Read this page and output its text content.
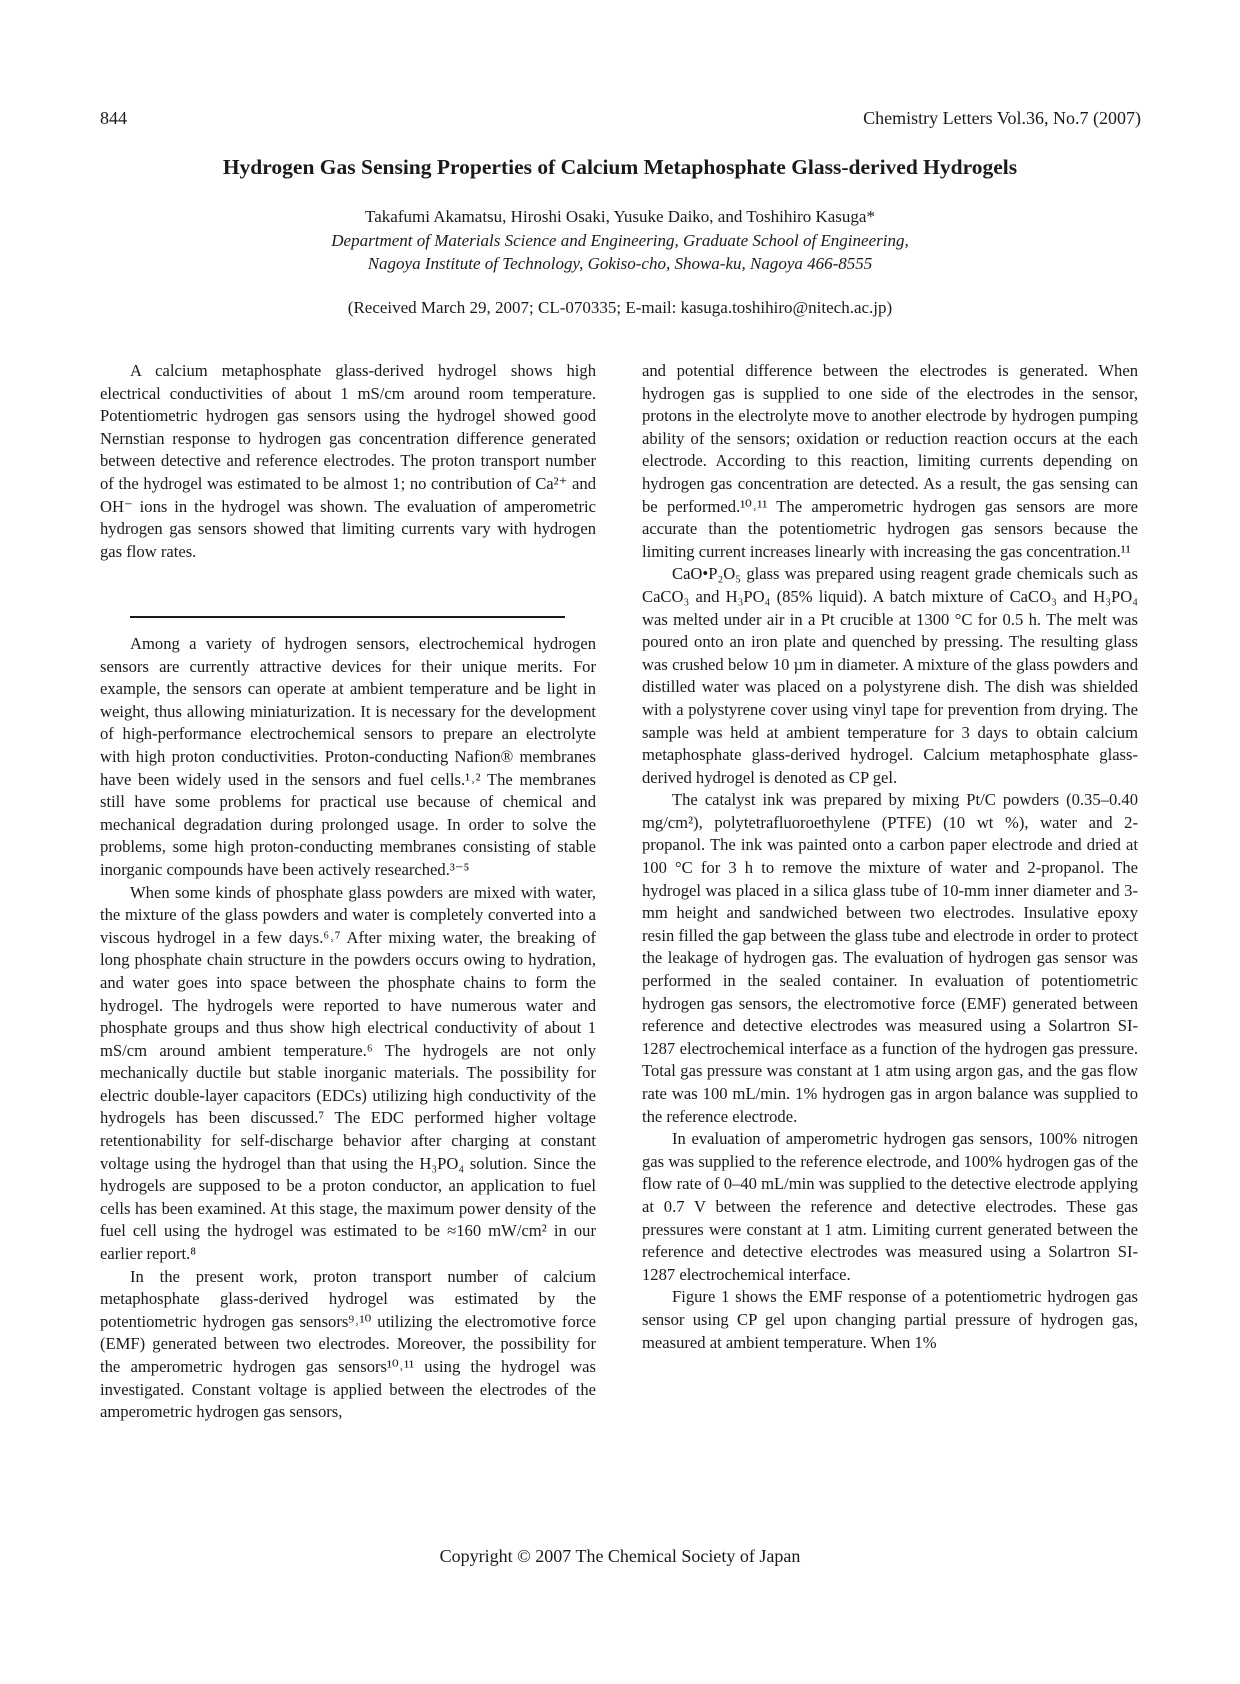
844	Chemistry Letters Vol.36, No.7 (2007)
Hydrogen Gas Sensing Properties of Calcium Metaphosphate Glass-derived Hydrogels
Takafumi Akamatsu, Hiroshi Osaki, Yusuke Daiko, and Toshihiro Kasuga*
Department of Materials Science and Engineering, Graduate School of Engineering,
Nagoya Institute of Technology, Gokiso-cho, Showa-ku, Nagoya 466-8555
(Received March 29, 2007; CL-070335; E-mail: kasuga.toshihiro@nitech.ac.jp)

A calcium metaphosphate glass-derived hydrogel shows high electrical conductivities of about 1 mS/cm around room temperature. Potentiometric hydrogen gas sensors using the hydrogel showed good Nernstian response to hydrogen gas concentration difference generated between detective and reference electrodes. The proton transport number of the hydrogel was estimated to be almost 1; no contribution of Ca²⁺ and OH⁻ ions in the hydrogel was shown. The evaluation of amperometric hydrogen gas sensors showed that limiting currents vary with hydrogen gas flow rates.

Among a variety of hydrogen sensors, electrochemical hydrogen sensors are currently attractive devices for their unique merits. For example, the sensors can operate at ambient temperature and be light in weight, thus allowing miniaturization. It is necessary for the development of high-performance electrochemical sensors to prepare an electrolyte with high proton conductivities. Proton-conducting Nafion® membranes have been widely used in the sensors and fuel cells.¹˒² The membranes still have some problems for practical use because of chemical and mechanical degradation during prolonged usage. In order to solve the problems, some high proton-conducting membranes consisting of stable inorganic compounds have been actively researched.³⁻⁵

When some kinds of phosphate glass powders are mixed with water, the mixture of the glass powders and water is completely converted into a viscous hydrogel in a few days.⁶˒⁷ After mixing water, the breaking of long phosphate chain structure in the powders occurs owing to hydration, and water goes into space between the phosphate chains to form the hydrogel. The hydrogels were reported to have numerous water and phosphate groups and thus show high electrical conductivity of about 1 mS/cm around ambient temperature.⁶ The hydrogels are not only mechanically ductile but stable inorganic materials. The possibility for electric double-layer capacitors (EDCs) utilizing high conductivity of the hydrogels has been discussed.⁷ The EDC performed higher voltage retentionability for self-discharge behavior after charging at constant voltage using the hydrogel than that using the H₃PO₄ solution. Since the hydrogels are supposed to be a proton conductor, an application to fuel cells has been examined. At this stage, the maximum power density of the fuel cell using the hydrogel was estimated to be ≈160 mW/cm² in our earlier report.⁸

In the present work, proton transport number of calcium metaphosphate glass-derived hydrogel was estimated by the potentiometric hydrogen gas sensors⁹˒¹⁰ utilizing the electromotive force (EMF) generated between two electrodes. Moreover, the possibility for the amperometric hydrogen gas sensors¹⁰˒¹¹ using the hydrogel was investigated. Constant voltage is applied between the electrodes of the amperometric hydrogen gas sensors,

and potential difference between the electrodes is generated. When hydrogen gas is supplied to one side of the electrodes in the sensor, protons in the electrolyte move to another electrode by hydrogen pumping ability of the sensors; oxidation or reduction reaction occurs at the each electrode. According to this reaction, limiting currents depending on hydrogen gas concentration are detected. As a result, the gas sensing can be performed.¹⁰˒¹¹ The amperometric hydrogen gas sensors are more accurate than the potentiometric hydrogen gas sensors because the limiting current increases linearly with increasing the gas concentration.¹¹

CaO•P₂O₅ glass was prepared using reagent grade chemicals such as CaCO₃ and H₃PO₄ (85% liquid). A batch mixture of CaCO₃ and H₃PO₄ was melted under air in a Pt crucible at 1300 °C for 0.5 h. The melt was poured onto an iron plate and quenched by pressing. The resulting glass was crushed below 10 µm in diameter. A mixture of the glass powders and distilled water was placed on a polystyrene dish. The dish was shielded with a polystyrene cover using vinyl tape for prevention from drying. The sample was held at ambient temperature for 3 days to obtain calcium metaphosphate glass-derived hydrogel. Calcium metaphosphate glass-derived hydrogel is denoted as CP gel.

The catalyst ink was prepared by mixing Pt/C powders (0.35–0.40 mg/cm²), polytetrafluoroethylene (PTFE) (10 wt %), water and 2-propanol. The ink was painted onto a carbon paper electrode and dried at 100 °C for 3 h to remove the mixture of water and 2-propanol. The hydrogel was placed in a silica glass tube of 10-mm inner diameter and 3-mm height and sandwiched between two electrodes. Insulative epoxy resin filled the gap between the glass tube and electrode in order to protect the leakage of hydrogen gas. The evaluation of hydrogen gas sensor was performed in the sealed container. In evaluation of potentiometric hydrogen gas sensors, the electromotive force (EMF) generated between reference and detective electrodes was measured using a Solartron SI-1287 electrochemical interface as a function of the hydrogen gas pressure. Total gas pressure was constant at 1 atm using argon gas, and the gas flow rate was 100 mL/min. 1% hydrogen gas in argon balance was supplied to the reference electrode.

In evaluation of amperometric hydrogen gas sensors, 100% nitrogen gas was supplied to the reference electrode, and 100% hydrogen gas of the flow rate of 0–40 mL/min was supplied to the detective electrode applying at 0.7 V between the reference and detective electrodes. These gas pressures were constant at 1 atm. Limiting current generated between the reference and detective electrodes was measured using a Solartron SI-1287 electrochemical interface.

Figure 1 shows the EMF response of a potentiometric hydrogen gas sensor using CP gel upon changing partial pressure of hydrogen gas, measured at ambient temperature. When 1%

Copyright © 2007 The Chemical Society of Japan
